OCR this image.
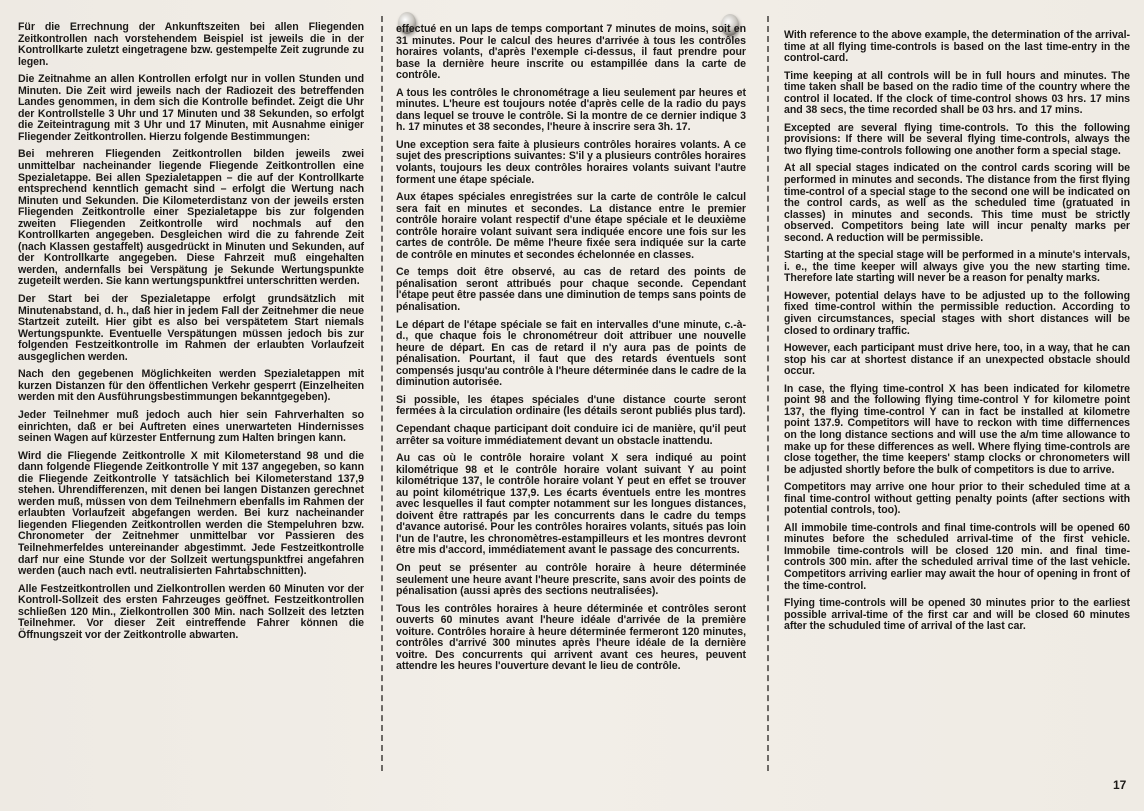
Für die Errechnung der Ankunftszeiten bei allen Fliegenden Zeitkontrollen nach vorstehendem Beispiel ist jeweils die in der Kontrollkarte zuletzt eingetragene bzw. gestempelte Zeit zugrunde zu legen.

Die Zeitnahme an allen Kontrollen erfolgt nur in vollen Stunden und Minuten. Die Zeit wird jeweils nach der Radiozeit des betreffenden Landes genommen, in dem sich die Kontrolle befindet. Zeigt die Uhr der Kontrollstelle 3 Uhr und 17 Minuten und 38 Sekunden, so erfolgt die Zeiteintragung mit 3 Uhr und 17 Minuten, mit Ausnahme einiger Fliegender Zeitkontrollen. Hierzu folgende Bestimmungen:

Bei mehreren Fliegenden Zeitkontrollen bilden jeweils zwei unmittelbar nacheinander liegende Fliegende Zeitkontrollen eine Spezialetappe. Bei allen Spezialetappen – die auf der Kontrollkarte entsprechend kenntlich gemacht sind – erfolgt die Wertung nach Minuten und Sekunden. Die Kilometerdistanz von der jeweils ersten Fliegenden Zeitkontrolle einer Spezialetappe bis zur folgenden zweiten Fliegenden Zeitkontrolle wird nochmals auf den Kontrollkarten angegeben. Desgleichen wird die zu fahrende Zeit (nach Klassen gestaffelt) ausgedrückt in Minuten und Sekunden, auf der Kontrollkarte angegeben. Diese Fahrzeit muß eingehalten werden, andernfalls bei Verspätung je Sekunde Wertungspunkte zugeteilt werden. Sie kann wertungspunktfrei unterschritten werden.

Der Start bei der Spezialetappe erfolgt grundsätzlich mit Minutenabstand, d. h., daß hier in jedem Fall der Zeitnehmer die neue Startzeit zuteilt. Hier gibt es also bei verspätetem Start niemals Wertungspunkte. Eventuelle Verspätungen müssen jedoch bis zur folgenden Festzeitkontrolle im Rahmen der erlaubten Vorlaufzeit ausgeglichen werden.

Nach den gegebenen Möglichkeiten werden Spezialetappen mit kurzen Distanzen für den öffentlichen Verkehr gesperrt (Einzelheiten werden mit den Ausführungsbestimmungen bekanntgegeben).

Jeder Teilnehmer muß jedoch auch hier sein Fahrverhalten so einrichten, daß er bei Auftreten eines unerwarteten Hindernisses seinen Wagen auf kürzester Entfernung zum Halten bringen kann.

Wird die Fliegende Zeitkontrolle X mit Kilometerstand 98 und die dann folgende Fliegende Zeitkontrolle Y mit 137 angegeben, so kann die Fliegende Zeitkontrolle Y tatsächlich bei Kilometerstand 137,9 stehen. Uhrendifferenzen, mit denen bei langen Distanzen gerechnet werden muß, müssen von dem Teilnehmern ebenfalls im Rahmen der erlaubten Vorlaufzeit abgefangen werden. Bei kurz nacheinander liegenden Fliegenden Zeitkontrollen werden die Stempeluhren bzw. Chronometer der Zeitnehmer unmittelbar vor Passieren des Teilnehmerfeldes untereinander abgestimmt. Jede Festzeitkontrolle darf nur eine Stunde vor der Sollzeit wertungspunktfrei angefahren werden (auch nach evtl. neutralisierten Fahrtabschnitten).

Alle Festzeitkontrollen und Zielkontrollen werden 60 Minuten vor der Kontroll-Sollzeit des ersten Fahrzeuges geöffnet. Festzeitkontrollen schließen 120 Min., Zielkontrollen 300 Min. nach Sollzeit des letzten Teilnehmer. Vor dieser Zeit eintreffende Fahrer können die Öffnungszeit vor der Zeitkontrolle abwarten.

effectué en un laps de temps comportant 7 minutes de moins, soit en 31 minutes. Pour le calcul des heures d'arrivée à tous les contrôles horaires volants, d'après l'exemple ci-dessus, il faut prendre pour base la dernière heure inscrite ou estampillée dans la carte de contrôle.

A tous les contrôles le chronométrage a lieu seulement par heures et minutes. L'heure est toujours notée d'après celle de la radio du pays dans lequel se trouve le contrôle. Si la montre de ce dernier indique 3 h. 17 minutes et 38 secondes, l'heure à inscrire sera 3h. 17.

Une exception sera faite à plusieurs contrôles horaires volants. A ce sujet des prescriptions suivantes: S'il y a plusieurs contrôles horaires volants, toujours les deux contrôles horaires volants suivant l'autre forment une étape spéciale.

Aux étapes spéciales enregistrées sur la carte de contrôle le calcul sera fait en minutes et secondes. La distance entre le premier contrôle horaire volant respectif d'une étape spéciale et le deuxième contrôle horaire volant suivant sera indiquée encore une fois sur les cartes de contrôle. De même l'heure fixée sera indiquée sur la carte de contrôle en minutes et secondes échelonnée en classes.

Ce temps doit être observé, au cas de retard des points de pénalisation seront attribués pour chaque seconde. Cependant l'étape peut être passée dans une diminution de temps sans points de pénalisation.

Le départ de l'étape spéciale se fait en intervalles d'une minute, c.-à-d., que chaque fois le chronométreur doit attribuer une nouvelle heure de départ. En cas de retard il n'y aura pas de points de pénalisation. Pourtant, il faut que des retards éventuels sont compensés jusqu'au contrôle à l'heure déterminée dans le cadre de la diminution autorisée.

Si possible, les étapes spéciales d'une distance courte seront fermées à la circulation ordinaire (les détails seront publiés plus tard).

Cependant chaque participant doit conduire ici de manière, qu'il peut arrêter sa voiture immédiatement devant un obstacle inattendu.

Au cas où le contrôle horaire volant X sera indiqué au point kilométrique 98 et le contrôle horaire volant suivant Y au point kilométrique 137, le contrôle horaire volant Y peut en effet se trouver au point kilométrique 137,9. Les écarts éventuels entre les montres avec lesquelles il faut compter notamment sur les longues distances, doivent être rattrapés par les concurrents dans le cadre du temps d'avance autorisé. Pour les contrôles horaires volants, situés pas loin l'un de l'autre, les chronomètres-estampilleurs et les montres devront être mis d'accord, immédiatement avant le passage des concurrents.

On peut se présenter au contrôle horaire à heure déterminée seulement une heure avant l'heure prescrite, sans avoir des points de pénalisation (aussi après des sections neutralisées).

Tous les contrôles horaires à heure déterminée et contrôles seront ouverts 60 minutes avant l'heure idéale d'arrivée de la première voiture. Contrôles horaire à heure déterminée fermeront 120 minutes, contrôles d'arrivé 300 minutes après l'heure idéale de la dernière voitre. Des concurrents qui arrivent avant ces heures, peuvent attendre les heures l'ouverture devant le lieu de contrôle.

With reference to the above example, the determination of the arrival-time at all flying time-controls is based on the last time-entry in the control-card.

Time keeping at all controls will be in full hours and minutes. The time taken shall be based on the radio time of the country where the control il located. If the clock of time-control shows 03 hrs. 17 mins and 38 secs, the time recorded shall be 03 hrs. and 17 mins.

Excepted are several flying time-controls. To this the following provisions: If there will be several flying time-controls, always the two flying time-controls following one another form a special stage.

At all special stages indicated on the control cards scoring will be performed in minutes and seconds. The distance from the first flying time-control of a special stage to the second one will be indicated on the control cards, as well as the scheduled time (gratuated in classes) in minutes and seconds. This time must be strictly observed. Competitors being late will incur penalty marks per second. A reduction will be permissible.

Starting at the special stage will be performed in a minute's intervals, i. e., the time keeper will always give you the new starting time. Therefore late starting will never be a reason for penalty marks.

However, potential delays have to be adjusted up to the following fixed time-control within the permissible reduction. According to given circumstances, special stages with short distances will be closed to ordinary traffic.

However, each participant must drive here, too, in a way, that he can stop his car at shortest distance if an unexpected obstacle should occur.

In case, the flying time-control X has been indicated for kilometre point 98 and the following flying time-control Y for kilometre point 137, the flying time-control Y can in fact be installed at kilometre point 137.9. Competitors will have to reckon with time differnences on the long distance sections and will use the a/m time allowance to make up for these differences as well. Where flying time-controls are close together, the time keepers' stamp clocks or chronometers will be adjusted shortly before the bulk of competitors is due to arrive.

Competitors may arrive one hour prior to their scheduled time at a final time-control without getting penalty points (after sections with potential controls, too).

All immobile time-controls and final time-controls will be opened 60 minutes before the scheduled arrival-time of the first vehicle. Immobile time-controls will be closed 120 min. and final time-controls 300 min. after the scheduled arrival time of the last vehicle. Competitors arriving earlier may await the hour of opening in front of the time-control.

Flying time-controls will be opened 30 minutes prior to the earliest possible arrival-time of the first car and will be closed 60 minutes after the schuduled time of arrival of the last car.

17
